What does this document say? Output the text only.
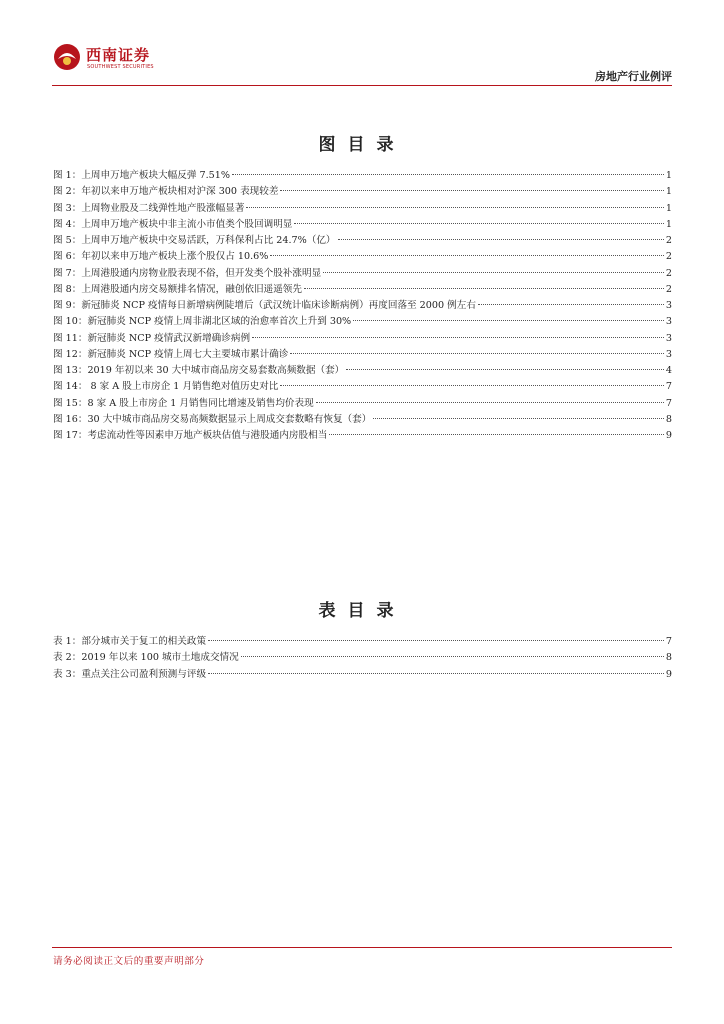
西南证券
SOUTHWEST SECURITIES
房地产行业例评
图目录
图 1：上周申万地产板块大幅反弹 7.51%	1
图 2：年初以来申万地产板块相对沪深 300 表现较差	1
图 3：上周物业股及二线弹性地产股涨幅显著	1
图 4：上周申万地产板块中非主流小市值类个股回调明显	1
图 5：上周申万地产板块中交易活跃，万科保利占比 24.7%（亿）	2
图 6：年初以来申万地产板块上涨个股仅占 10.6%	2
图 7：上周港股通内房物业股表现不俗，但开发类个股补涨明显	2
图 8：上周港股通内房交易额排名情况，融创依旧遥遥领先	2
图 9：新冠肺炎 NCP 疫情每日新增病例陡增后（武汉统计临床诊断病例）再度回落至 2000 例左右	3
图 10：新冠肺炎 NCP 疫情上周非湖北区域的治愈率首次上升到 30%	3
图 11：新冠肺炎 NCP 疫情武汉新增确诊病例	3
图 12：新冠肺炎 NCP 疫情上周七大主要城市累计确诊	3
图 13：2019 年初以来 30 大中城市商品房交易套数高频数据（套）	4
图 14： 8 家 A 股上市房企 1 月销售绝对值历史对比	7
图 15：8 家 A 股上市房企 1 月销售同比增速及销售均价表现	7
图 16：30 大中城市商品房交易高频数据显示上周成交套数略有恢复（套）	8
图 17：考虑流动性等因素申万地产板块估值与港股通内房股相当	9
表目录
表 1：部分城市关于复工的相关政策	7
表 2：2019 年以来 100 城市土地成交情况	8
表 3：重点关注公司盈利预测与评级	9
请务必阅读正文后的重要声明部分
